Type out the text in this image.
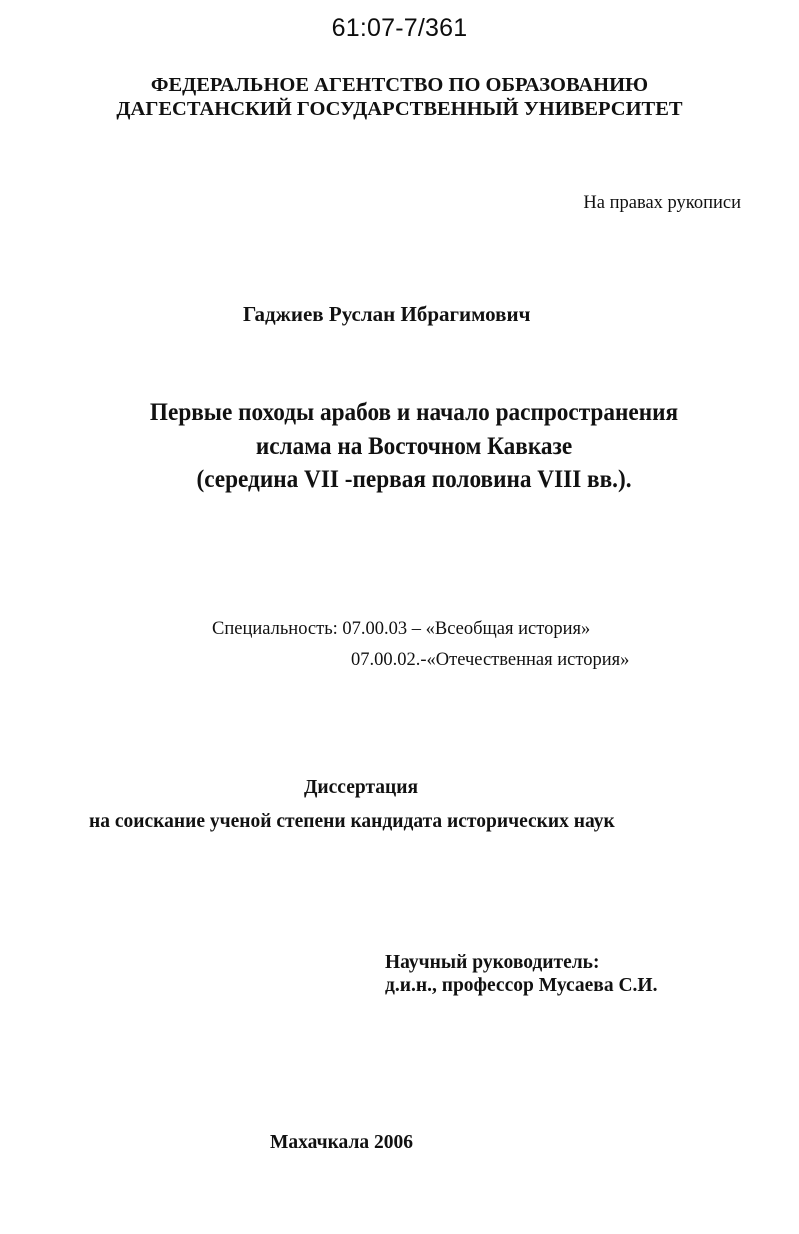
61:07-7/361
ФЕДЕРАЛЬНОЕ АГЕНТСТВО ПО ОБРАЗОВАНИЮ
ДАГЕСТАНСКИЙ ГОСУДАРСТВЕННЫЙ УНИВЕРСИТЕТ
На правах рукописи
Гаджиев Руслан Ибрагимович
Первые походы арабов и начало распространения
ислама на Восточном Кавказе
(середина VII -первая половина VIII вв.).
Специальность: 07.00.03 – «Всеобщая история»
07.00.02.-«Отечественная история»
Диссертация
на соискание ученой степени кандидата исторических наук
Научный руководитель:
д.и.н., профессор Мусаева С.И.
Махачкала 2006
